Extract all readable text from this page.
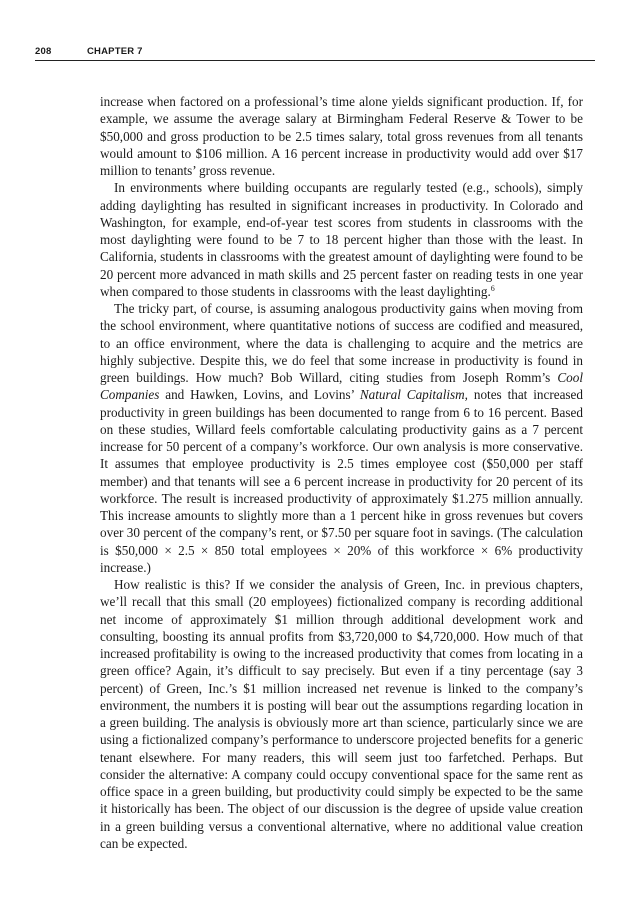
208	CHAPTER 7

increase when factored on a professional’s time alone yields significant production. If, for example, we assume the average salary at Birmingham Federal Reserve & Tower to be $50,000 and gross production to be 2.5 times salary, total gross revenues from all tenants would amount to $106 million. A 16 percent increase in productivity would add over $17 million to tenants’ gross revenue.

In environments where building occupants are regularly tested (e.g., schools), simply adding daylighting has resulted in significant increases in productivity. In Colorado and Washington, for example, end-of-year test scores from students in classrooms with the most daylighting were found to be 7 to 18 percent higher than those with the least. In California, students in classrooms with the greatest amount of daylighting were found to be 20 percent more advanced in math skills and 25 percent faster on reading tests in one year when compared to those students in classrooms with the least daylighting.$^6$

The tricky part, of course, is assuming analogous productivity gains when moving from the school environment, where quantitative notions of success are codified and measured, to an office environment, where the data is challenging to acquire and the metrics are highly subjective. Despite this, we do feel that some increase in productivity is found in green buildings. How much? Bob Willard, citing studies from Joseph Romm’s Cool Companies and Hawken, Lovins, and Lovins’ Natural Capitalism, notes that increased productivity in green buildings has been documented to range from 6 to 16 percent. Based on these studies, Willard feels comfortable calculating productivity gains as a 7 percent increase for 50 percent of a company’s workforce. Our own analysis is more conservative. It assumes that employee productivity is 2.5 times employee cost ($50,000 per staff member) and that tenants will see a 6 percent increase in productivity for 20 percent of its workforce. The result is increased productivity of approximately $1.275 million annually. This increase amounts to slightly more than a 1 percent hike in gross revenues but covers over 30 percent of the company’s rent, or $7.50 per square foot in savings. (The calculation is $50,000 × 2.5 × 850 total employees × 20% of this workforce × 6% productivity increase.)

How realistic is this? If we consider the analysis of Green, Inc. in previous chapters, we’ll recall that this small (20 employees) fictionalized company is recording additional net income of approximately $1 million through additional development work and consulting, boosting its annual profits from $3,720,000 to $4,720,000. How much of that increased profitability is owing to the increased productivity that comes from locating in a green office? Again, it’s difficult to say precisely. But even if a tiny percentage (say 3 percent) of Green, Inc.’s $1 million increased net revenue is linked to the company’s environment, the numbers it is posting will bear out the assumptions regarding location in a green building. The analysis is obviously more art than science, particularly since we are using a fictionalized company’s performance to underscore projected benefits for a generic tenant elsewhere. For many readers, this will seem just too farfetched. Perhaps. But consider the alternative: A company could occupy conventional space for the same rent as office space in a green building, but productivity could simply be expected to be the same it historically has been. The object of our discussion is the degree of upside value creation in a green building versus a conventional alternative, where no additional value creation can be expected.
